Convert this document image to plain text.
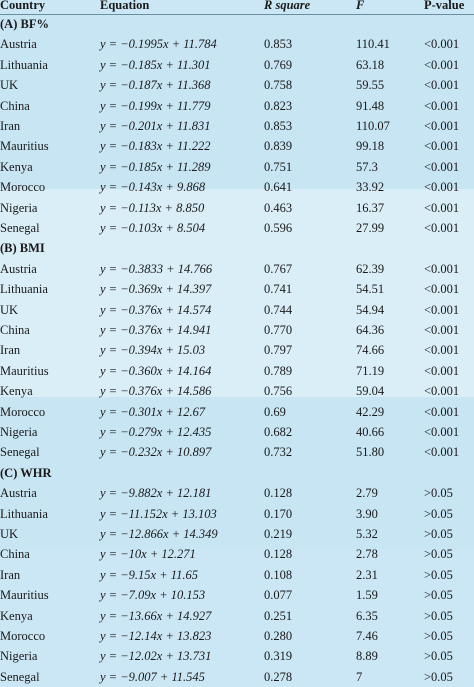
Country	Equation	R square	F	P-value
(A) BF%
Austria	y = −0.1995x + 11.784	0.853	110.41	<0.001
Lithuania	y = −0.185x + 11.301	0.769	63.18	<0.001
UK	y = −0.187x + 11.368	0.758	59.55	<0.001
China	y = −0.199x + 11.779	0.823	91.48	<0.001
Iran	y = −0.201x + 11.831	0.853	110.07	<0.001
Mauritius	y = −0.183x + 11.222	0.839	99.18	<0.001
Kenya	y = −0.185x + 11.289	0.751	57.3	<0.001
Morocco	y = −0.143x + 9.868	0.641	33.92	<0.001
Nigeria	y = −0.113x + 8.850	0.463	16.37	<0.001
Senegal	y = −0.103x + 8.504	0.596	27.99	<0.001
(B) BMI
Austria	y = −0.3833 + 14.766	0.767	62.39	<0.001
Lithuania	y = −0.369x + 14.397	0.741	54.51	<0.001
UK	y = −0.376x + 14.574	0.744	54.94	<0.001
China	y = −0.376x + 14.941	0.770	64.36	<0.001
Iran	y = −0.394x + 15.03	0.797	74.66	<0.001
Mauritius	y = −0.360x + 14.164	0.789	71.19	<0.001
Kenya	y = −0.376x + 14.586	0.756	59.04	<0.001
Morocco	y = −0.301x + 12.67	0.69	42.29	<0.001
Nigeria	y = −0.279x + 12.435	0.682	40.66	<0.001
Senegal	y = −0.232x + 10.897	0.732	51.80	<0.001
(C) WHR
Austria	y = −9.882x + 12.181	0.128	2.79	>0.05
Lithuania	y = −11.152x + 13.103	0.170	3.90	>0.05
UK	y = −12.866x + 14.349	0.219	5.32	>0.05
China	y = −10x + 12.271	0.128	2.78	>0.05
Iran	y = −9.15x + 11.65	0.108	2.31	>0.05
Mauritius	y = −7.09x + 10.153	0.077	1.59	>0.05
Kenya	y = −13.66x + 14.927	0.251	6.35	>0.05
Morocco	y = −12.14x + 13.823	0.280	7.46	>0.05
Nigeria	y = −12.02x + 13.731	0.319	8.89	>0.05
Senegal	y = −9.007 + 11.545	0.278	7	>0.05
